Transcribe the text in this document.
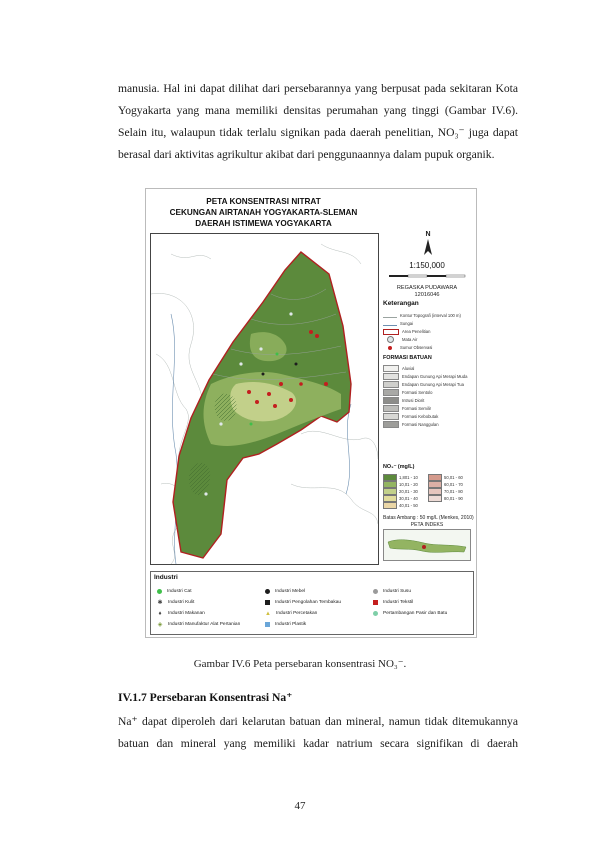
manusia. Hal ini dapat dilihat dari persebarannya yang berpusat pada sekitaran Kota

Yogyakarta yang mana memiliki densitas perumahan yang tinggi (Gambar IV.6).

Selain itu, walaupun tidak terlalu signikan pada daerah penelitian, NO₃⁻ juga dapat

berasal dari aktivitas agrikultur akibat dari penggunaannya dalam pupuk organik.

PETA KONSENTRASI NITRAT
CEKUNGAN AIRTANAH YOGYAKARTA-SLEMAN
DAERAH ISTIMEWA YOGYAKARTA
N
1:150,000
REGASKA PUDAWARA
12016046
Keterangan
Kontur Topografi (interval 100 m)
Sungai
Area Penelitian
Mata Air
Sumur Observasi
FORMASI BATUAN
Aluvial
Endapan Gunung Api Merapi Muda
Endapan Gunung Api Merapi Tua
Formasi Sentolo
Intrusi Diorit
Formasi Semilir
Formasi Kebobutak
Formasi Nanggulan
NO₃⁻ (mg/L)
1,801 - 10	50,01 - 60
10,01 - 20	60,01 - 70
20,01 - 30	70,01 - 80
30,01 - 40	80,01 - 90
40,01 - 50
Batas Ambang : 50 mg/L (Menkes, 2010)
PETA INDEKS
Industri
Industri Cat
✱ Industri Kulit
♦	Industri Makanan
◈ Industri Manufaktur Alat Pertanian
Industri Mebel
Industri Pengolahan Tembakau
▲ Industri Percetakan
Industri Plastik
Industri Susu
Industri Tekstil
Pertambangan Pasir dan Batu
Gambar IV.6 Peta persebaran konsentrasi NO₃⁻.
IV.1.7 Persebaran Konsentrasi Na⁺

Na⁺ dapat diperoleh dari kelarutan batuan dan mineral, namun tidak ditemukannya

batuan dan mineral yang memiliki kadar natrium secara signifikan di daerah

47
